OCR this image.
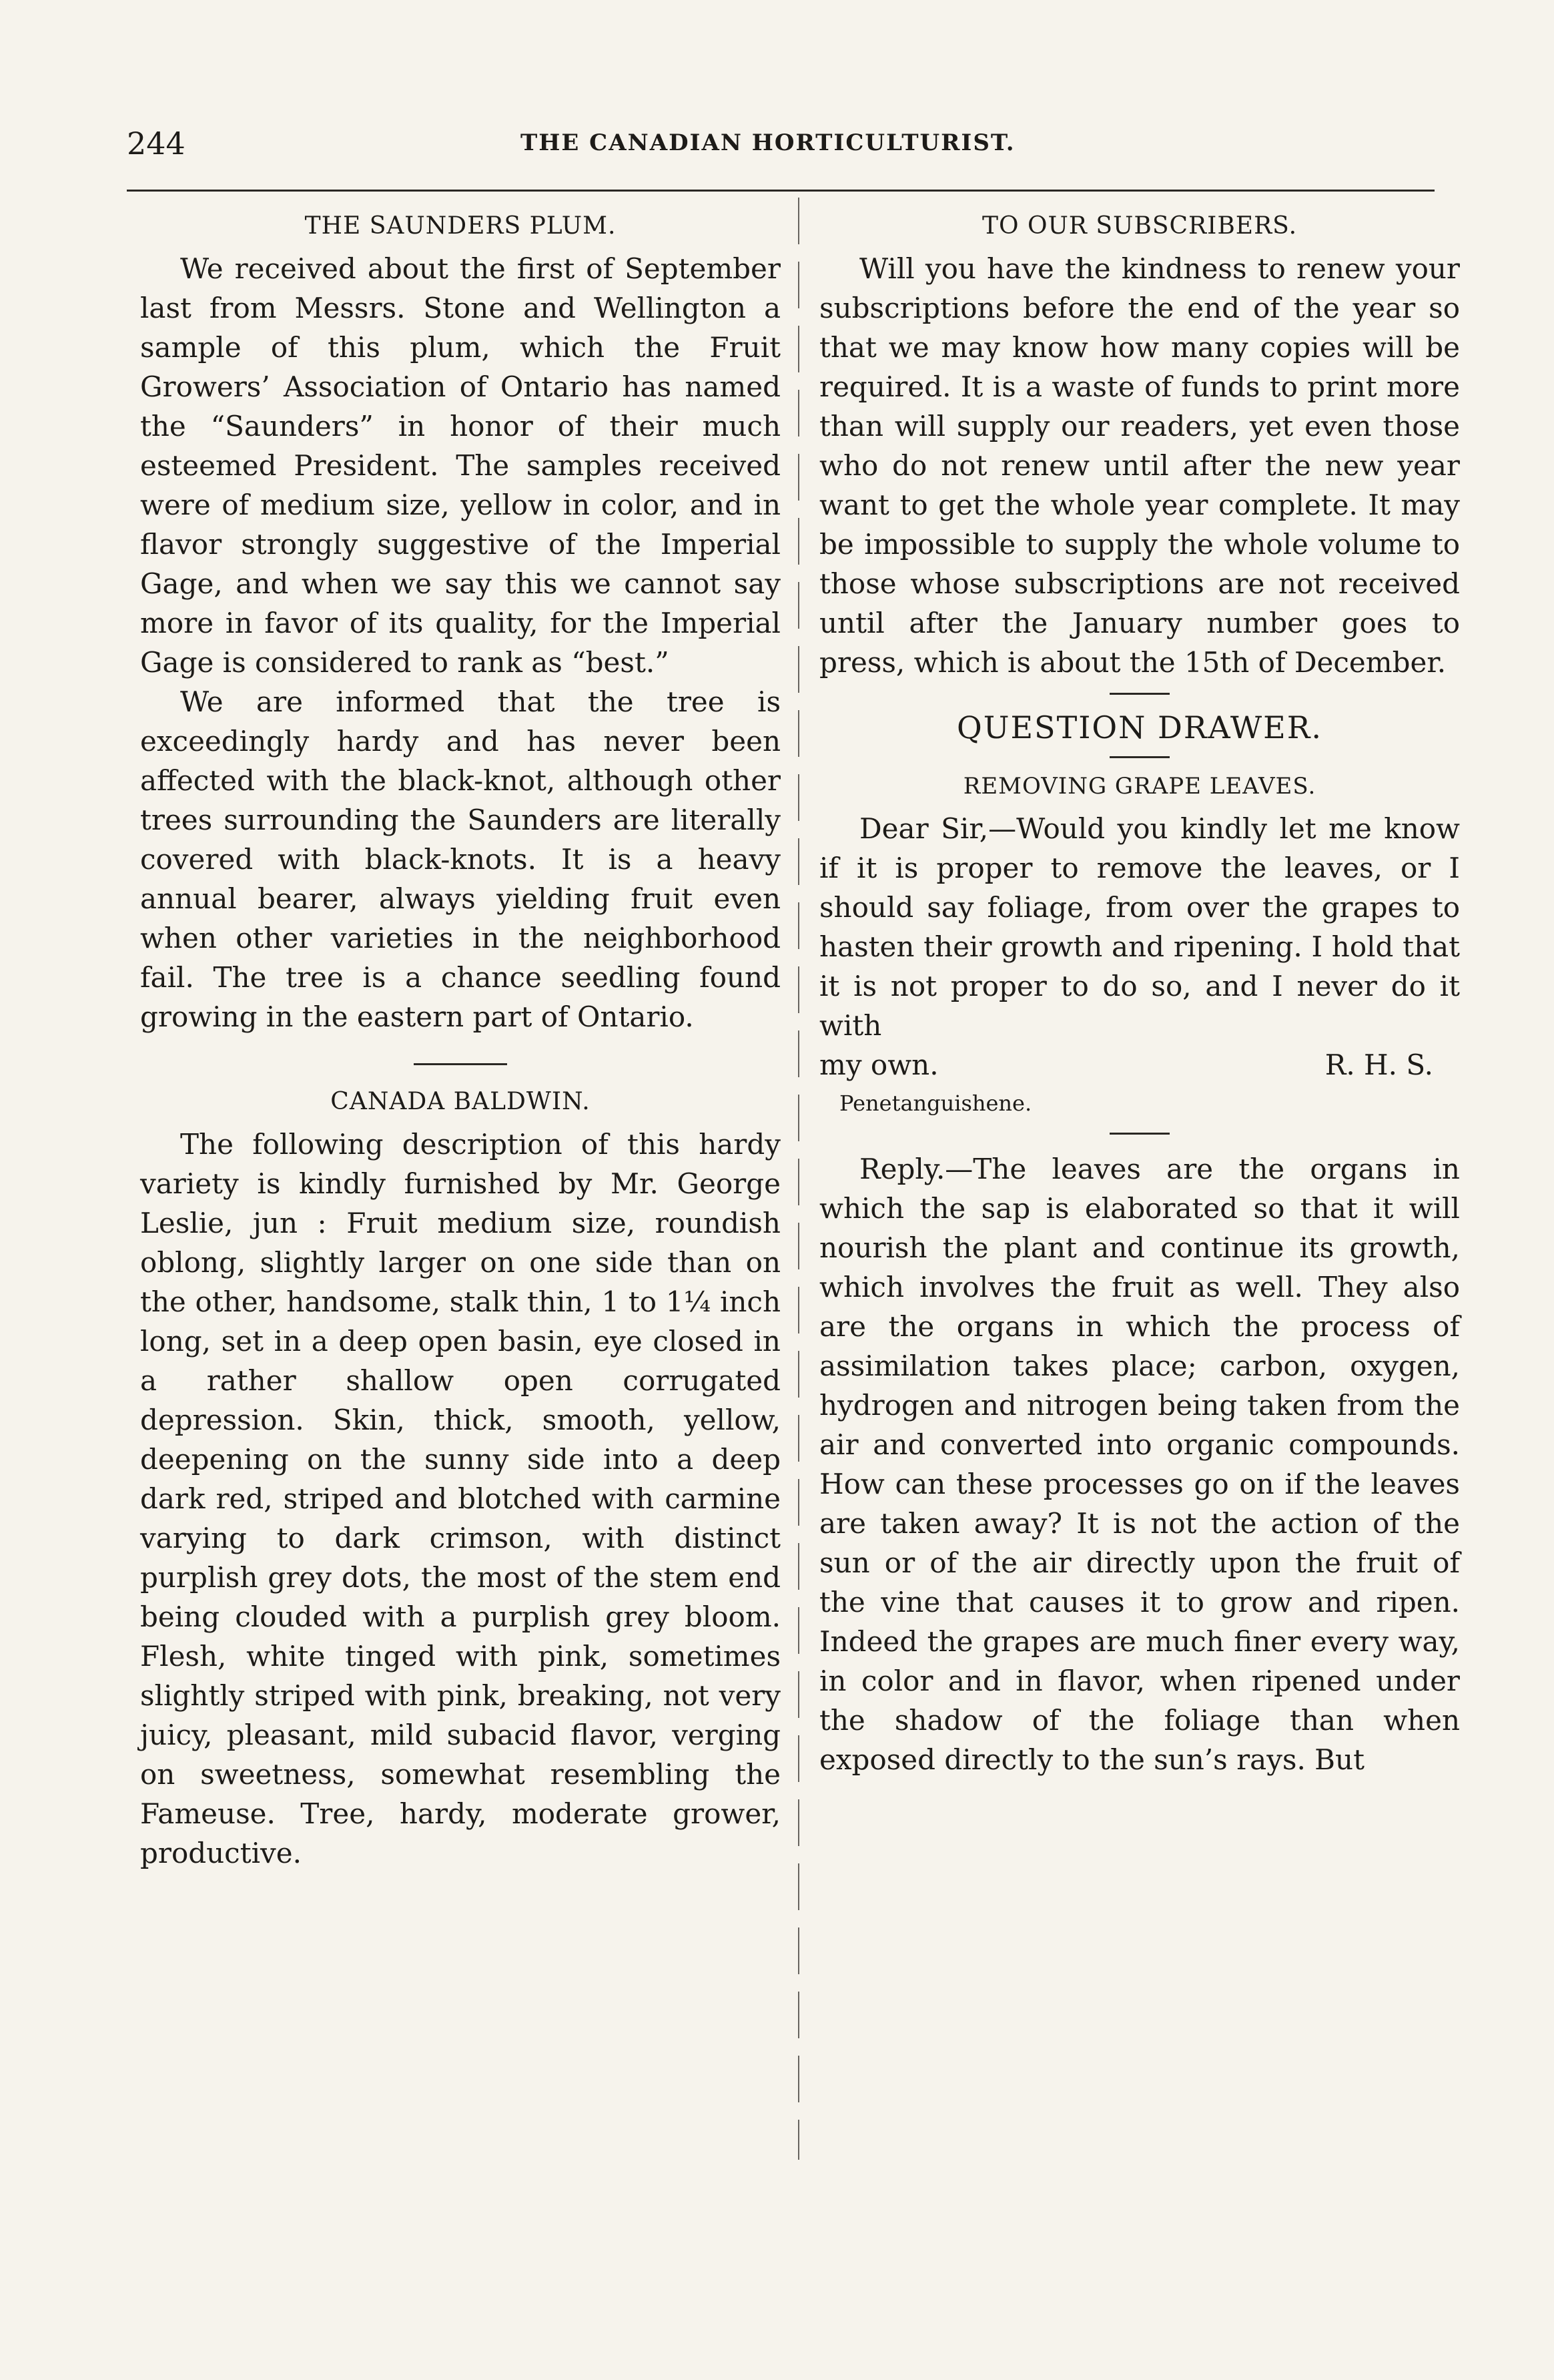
244	THE CANADIAN HORTICULTURIST.
THE SAUNDERS PLUM.

We received about the first of September last from Messrs. Stone and Wellington a sample of this plum, which the Fruit Growers’ Association of Ontario has named the “Saunders” in honor of their much esteemed President. The samples received were of medium size, yellow in color, and in flavor strongly suggestive of the Imperial Gage, and when we say this we cannot say more in favor of its quality, for the Imperial Gage is considered to rank as “best.”

We are informed that the tree is exceedingly hardy and has never been affected with the black-knot, although other trees surrounding the Saunders are literally covered with black-knots. It is a heavy annual bearer, always yielding fruit even when other varieties in the neighborhood fail. The tree is a chance seedling found growing in the eastern part of Ontario.

CANADA BALDWIN.

The following description of this hardy variety is kindly furnished by Mr. George Leslie, jun : Fruit medium size, roundish oblong, slightly larger on one side than on the other, handsome, stalk thin, 1 to 1¼ inch long, set in a deep open basin, eye closed in a rather shallow open corrugated depression. Skin, thick, smooth, yellow, deepening on the sunny side into a deep dark red, striped and blotched with carmine varying to dark crimson, with distinct purplish grey dots, the most of the stem end being clouded with a purplish grey bloom. Flesh, white tinged with pink, sometimes slightly striped with pink, breaking, not very juicy, pleasant, mild subacid flavor, verging on sweetness, somewhat resembling the Fameuse. Tree, hardy, moderate grower, productive.

TO OUR SUBSCRIBERS.

Will you have the kindness to renew your subscriptions before the end of the year so that we may know how many copies will be required. It is a waste of funds to print more than will supply our readers, yet even those who do not renew until after the new year want to get the whole year complete. It may be impossible to supply the whole volume to those whose subscriptions are not received until after the January number goes to press, which is about the 15th of December.

QUESTION DRAWER.
REMOVING GRAPE LEAVES.

Dear Sir,—Would you kindly let me know if it is proper to remove the leaves, or I should say foliage, from over the grapes to hasten their growth and ripening. I hold that it is not proper to do so, and I never do it with

my own.	R. H. S.

Penetanguishene.

Reply.—The leaves are the organs in which the sap is elaborated so that it will nourish the plant and continue its growth, which involves the fruit as well. They also are the organs in which the process of assimilation takes place; carbon, oxygen, hydrogen and nitrogen being taken from the air and converted into organic compounds. How can these processes go on if the leaves are taken away? It is not the action of the sun or of the air directly upon the fruit of the vine that causes it to grow and ripen. Indeed the grapes are much finer every way, in color and in flavor, when ripened under the shadow of the foliage than when exposed directly to the sun’s rays. But
